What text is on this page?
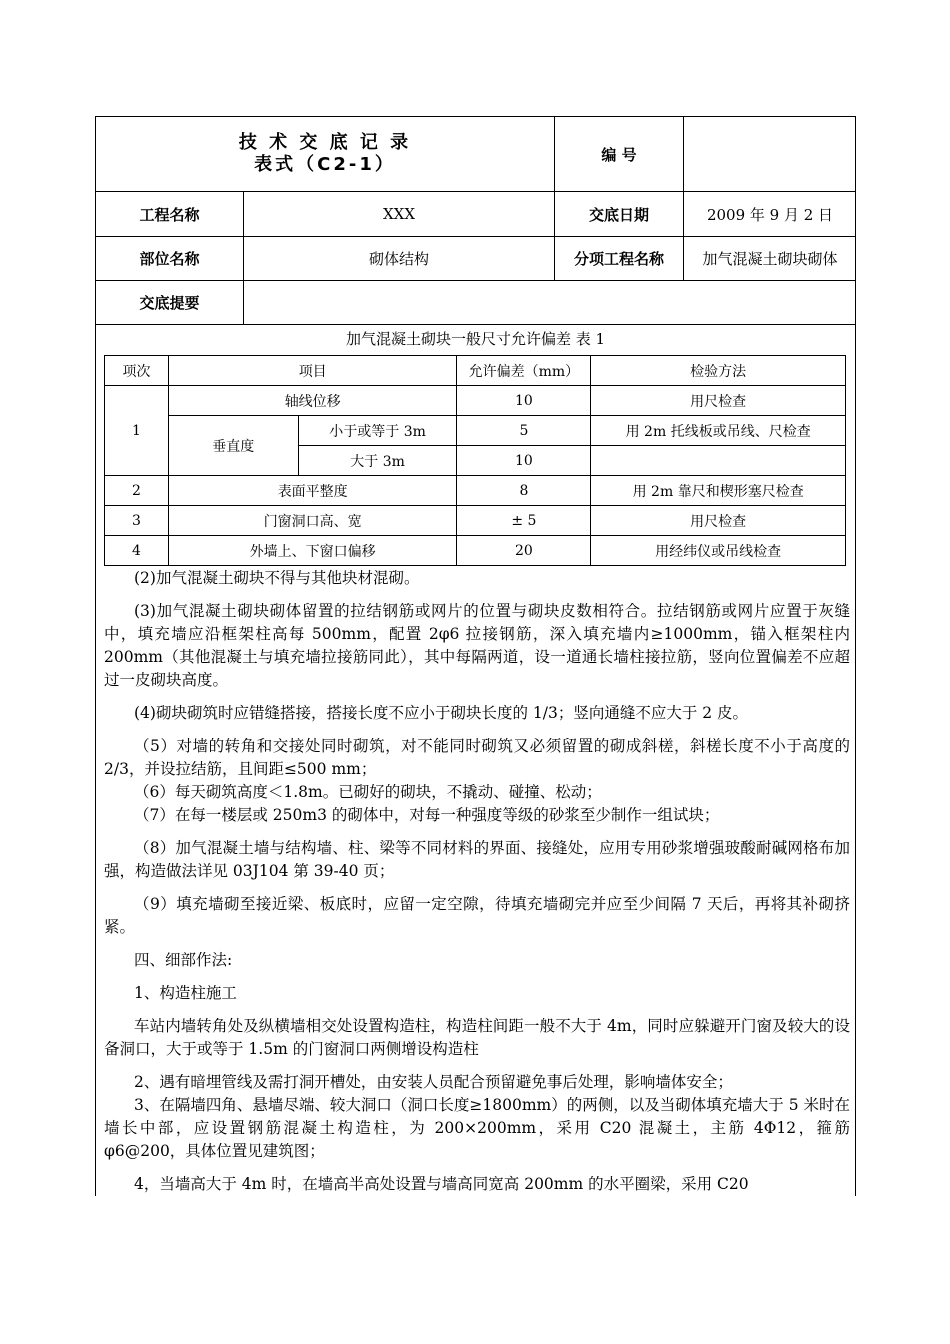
技 术 交 底 记 录
表式（C2-1）	编 号
工程名称	XXX	交底日期	2009 年 9 月 2 日
部位名称	砌体结构	分项工程名称	加气混凝土砌块砌体
交底提要
加气混凝土砌块一般尺寸允许偏差 表 1
项次	项目		允许偏差（mm）	检验方法
1	轴线位移		10	用尺检查
	垂直度	小于或等于 3m	5	用 2m 托线板或吊线、尺检查
		大于 3m	10	
2	表面平整度		8	用 2m 靠尺和楔形塞尺检查
3	门窗洞口高、宽		± 5	用尺检查
4	外墙上、下窗口偏移		20	用经纬仪或吊线检查

(2)加气混凝土砌块不得与其他块材混砌。

(3)加气混凝土砌块砌体留置的拉结钢筋或网片的位置与砌块皮数相符合。拉结钢筋或网片应置于灰缝中，填充墙应沿框架柱高每 500mm，配置 2φ6 拉接钢筋，深入填充墙内≥1000mm，锚入框架柱内 200mm（其他混凝土与填充墙拉接筋同此），其中每隔两道，设一道通长墙柱接拉筋，竖向位置偏差不应超过一皮砌块高度。

(4)砌块砌筑时应错缝搭接，搭接长度不应小于砌块长度的 1/3；竖向通缝不应大于 2 皮。

（5）对墙的转角和交接处同时砌筑，对不能同时砌筑又必须留置的砌成斜槎，斜槎长度不小于高度的 2/3，并设拉结筋，且间距≤500 mm；

（6）每天砌筑高度＜1.8m。已砌好的砌块，不撬动、碰撞、松动；

（7）在每一楼层或 250m3 的砌体中，对每一种强度等级的砂浆至少制作一组试块；

（8）加气混凝土墙与结构墙、柱、梁等不同材料的界面、接缝处，应用专用砂浆增强玻酸耐碱网格布加强，构造做法详见 03J104 第 39-40 页；

（9）填充墙砌至接近梁、板底时，应留一定空隙，待填充墙砌完并应至少间隔 7 天后，再将其补砌挤紧。

四、细部作法:

1、构造柱施工

车站内墙转角处及纵横墙相交处设置构造柱，构造柱间距一般不大于 4m，同时应躲避开门窗及较大的设备洞口，大于或等于 1.5m 的门窗洞口两侧增设构造柱

2、遇有暗埋管线及需打洞开槽处，由安装人员配合预留避免事后处理，影响墙体安全；

3、在隔墙四角、悬墙尽端、较大洞口（洞口长度≥1800mm）的两侧，以及当砌体填充墙大于 5 米时在墙长中部，应设置钢筋混凝土构造柱，为 200×200mm，采用 C20 混凝土，主筋 4Φ12，箍筋 φ6@200，具体位置见建筑图；

4，当墙高大于 4m 时，在墙高半高处设置与墙高同宽高 200mm 的水平圈梁，采用 C20
